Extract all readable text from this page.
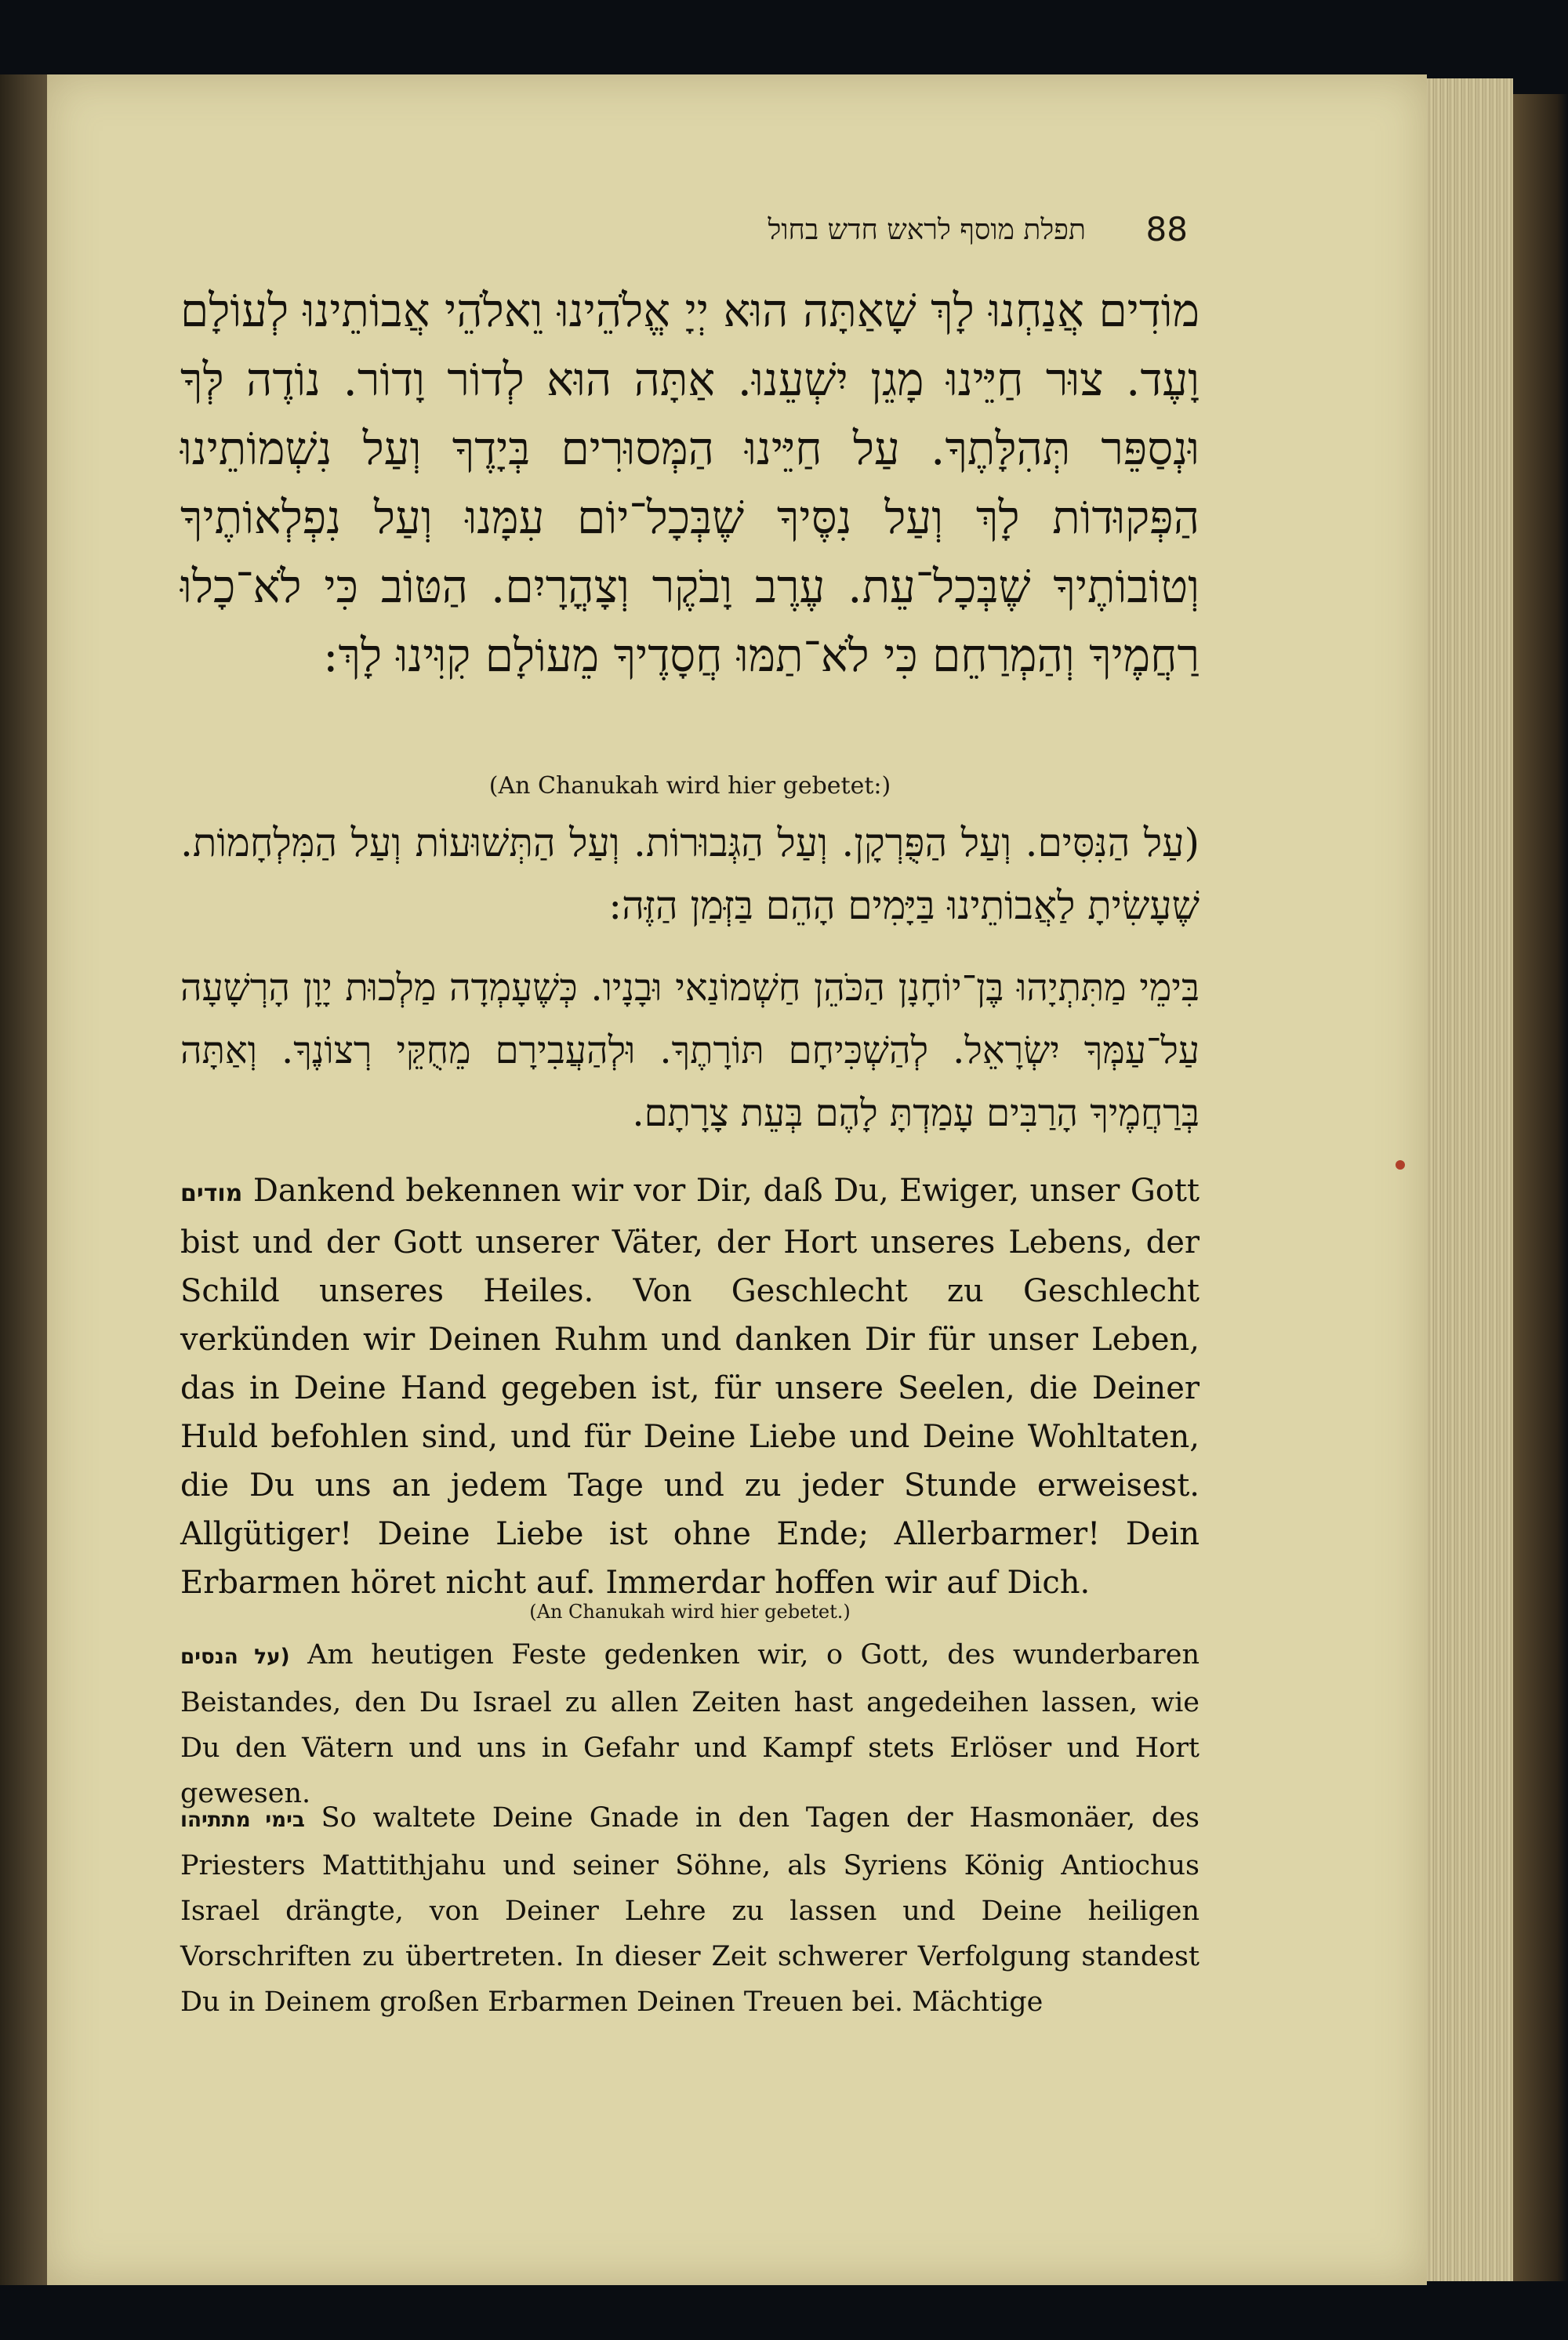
תפלת מוסף לראש חדש בחול 88

מוֹדִים אֲנַחְנוּ לָךְ שָׁאַתָּה הוּא יְיָ אֱלֹהֵינוּ וֵאלֹהֵי אֲבוֹתֵינוּ לְעוֹלָם וָעֶד. צוּר חַיֵּינוּ מָגֵן יִשְׁעֵנוּ. אַתָּה הוּא לְדוֹר וָדוֹר. נוֹדֶה לְּךָ וּנְסַפֵּר תְּהִלָּתֶךָ. עַל חַיֵּינוּ הַמְּסוּרִים בְּיָדֶךָ וְעַל נִשְׁמוֹתֵינוּ הַפְּקוּדוֹת לָךְ וְעַל נִסֶּיךָ שֶׁבְּכָל־יוֹם עִמָּנוּ וְעַל נִפְלְאוֹתֶיךָ וְטוֹבוֹתֶיךָ שֶׁבְּכָל־עֵת. עֶרֶב וָבֹקֶר וְצָהֳרָיִם. הַטּוֹב כִּי לֹא־כָלוּ רַחֲמֶיךָ וְהַמְרַחֵם כִּי לֹא־תַמּוּ חֲסָדֶיךָ מֵעוֹלָם קִוִּינוּ לָךְ:

(An Chanukah wird hier gebetet:)

(עַל הַנִּסִּים. וְעַל הַפֻּרְקָן. וְעַל הַגְּבוּרוֹת. וְעַל הַתְּשׁוּעוֹת וְעַל הַמִּלְחָמוֹת. שֶׁעָשִׂיתָ לַאֲבוֹתֵינוּ בַּיָּמִים הָהֵם בַּזְּמַן הַזֶּה:

בִּימֵי מַתִּתְיָהוּ בֶּן־יוֹחָנָן הַכֹּהֵן חַשְׁמוֹנַאי וּבָנָיו. כְּשֶׁעָמְדָה מַלְכוּת יָוָן הָרְשָׁעָה עַל־עַמְּךָ יִשְׂרָאֵל. לְהַשְׁכִּיחָם תּוֹרָתֶךָ. וּלְהַעֲבִירָם מֵחֻקֵּי רְצוֹנֶךָ. וְאַתָּה בְּרַחֲמֶיךָ הָרַבִּים עָמַדְתָּ לָהֶם בְּעֵת צָרָתָם.

מודים Dankend bekennen wir vor Dir, daß Du, Ewiger, unser Gott bist und der Gott unserer Väter, der Hort unseres Lebens, der Schild unseres Heiles. Von Geschlecht zu Geschlecht verkünden wir Deinen Ruhm und danken Dir für unser Leben, das in Deine Hand gegeben ist, für unsere Seelen, die Deiner Huld befohlen sind, und für Deine Liebe und Deine Wohltaten, die Du uns an jedem Tage und zu jeder Stunde erweisest. Allgütiger! Deine Liebe ist ohne Ende; Allerbarmer! Dein Erbarmen höret nicht auf. Immerdar hoffen wir auf Dich.

(An Chanukah wird hier gebetet.)

(על הנסים Am heutigen Feste gedenken wir, o Gott, des wunderbaren Beistandes, den Du Israel zu allen Zeiten hast angedeihen lassen, wie Du den Vätern und uns in Gefahr und Kampf stets Erlöser und Hort gewesen.

בימי מתתיהו So waltete Deine Gnade in den Tagen der Hasmonäer, des Priesters Mattithjahu und seiner Söhne, als Syriens König Antiochus Israel drängte, von Deiner Lehre zu lassen und Deine heiligen Vorschriften zu übertreten. In dieser Zeit schwerer Verfolgung standest Du in Deinem großen Erbarmen Deinen Treuen bei. Mächtige
